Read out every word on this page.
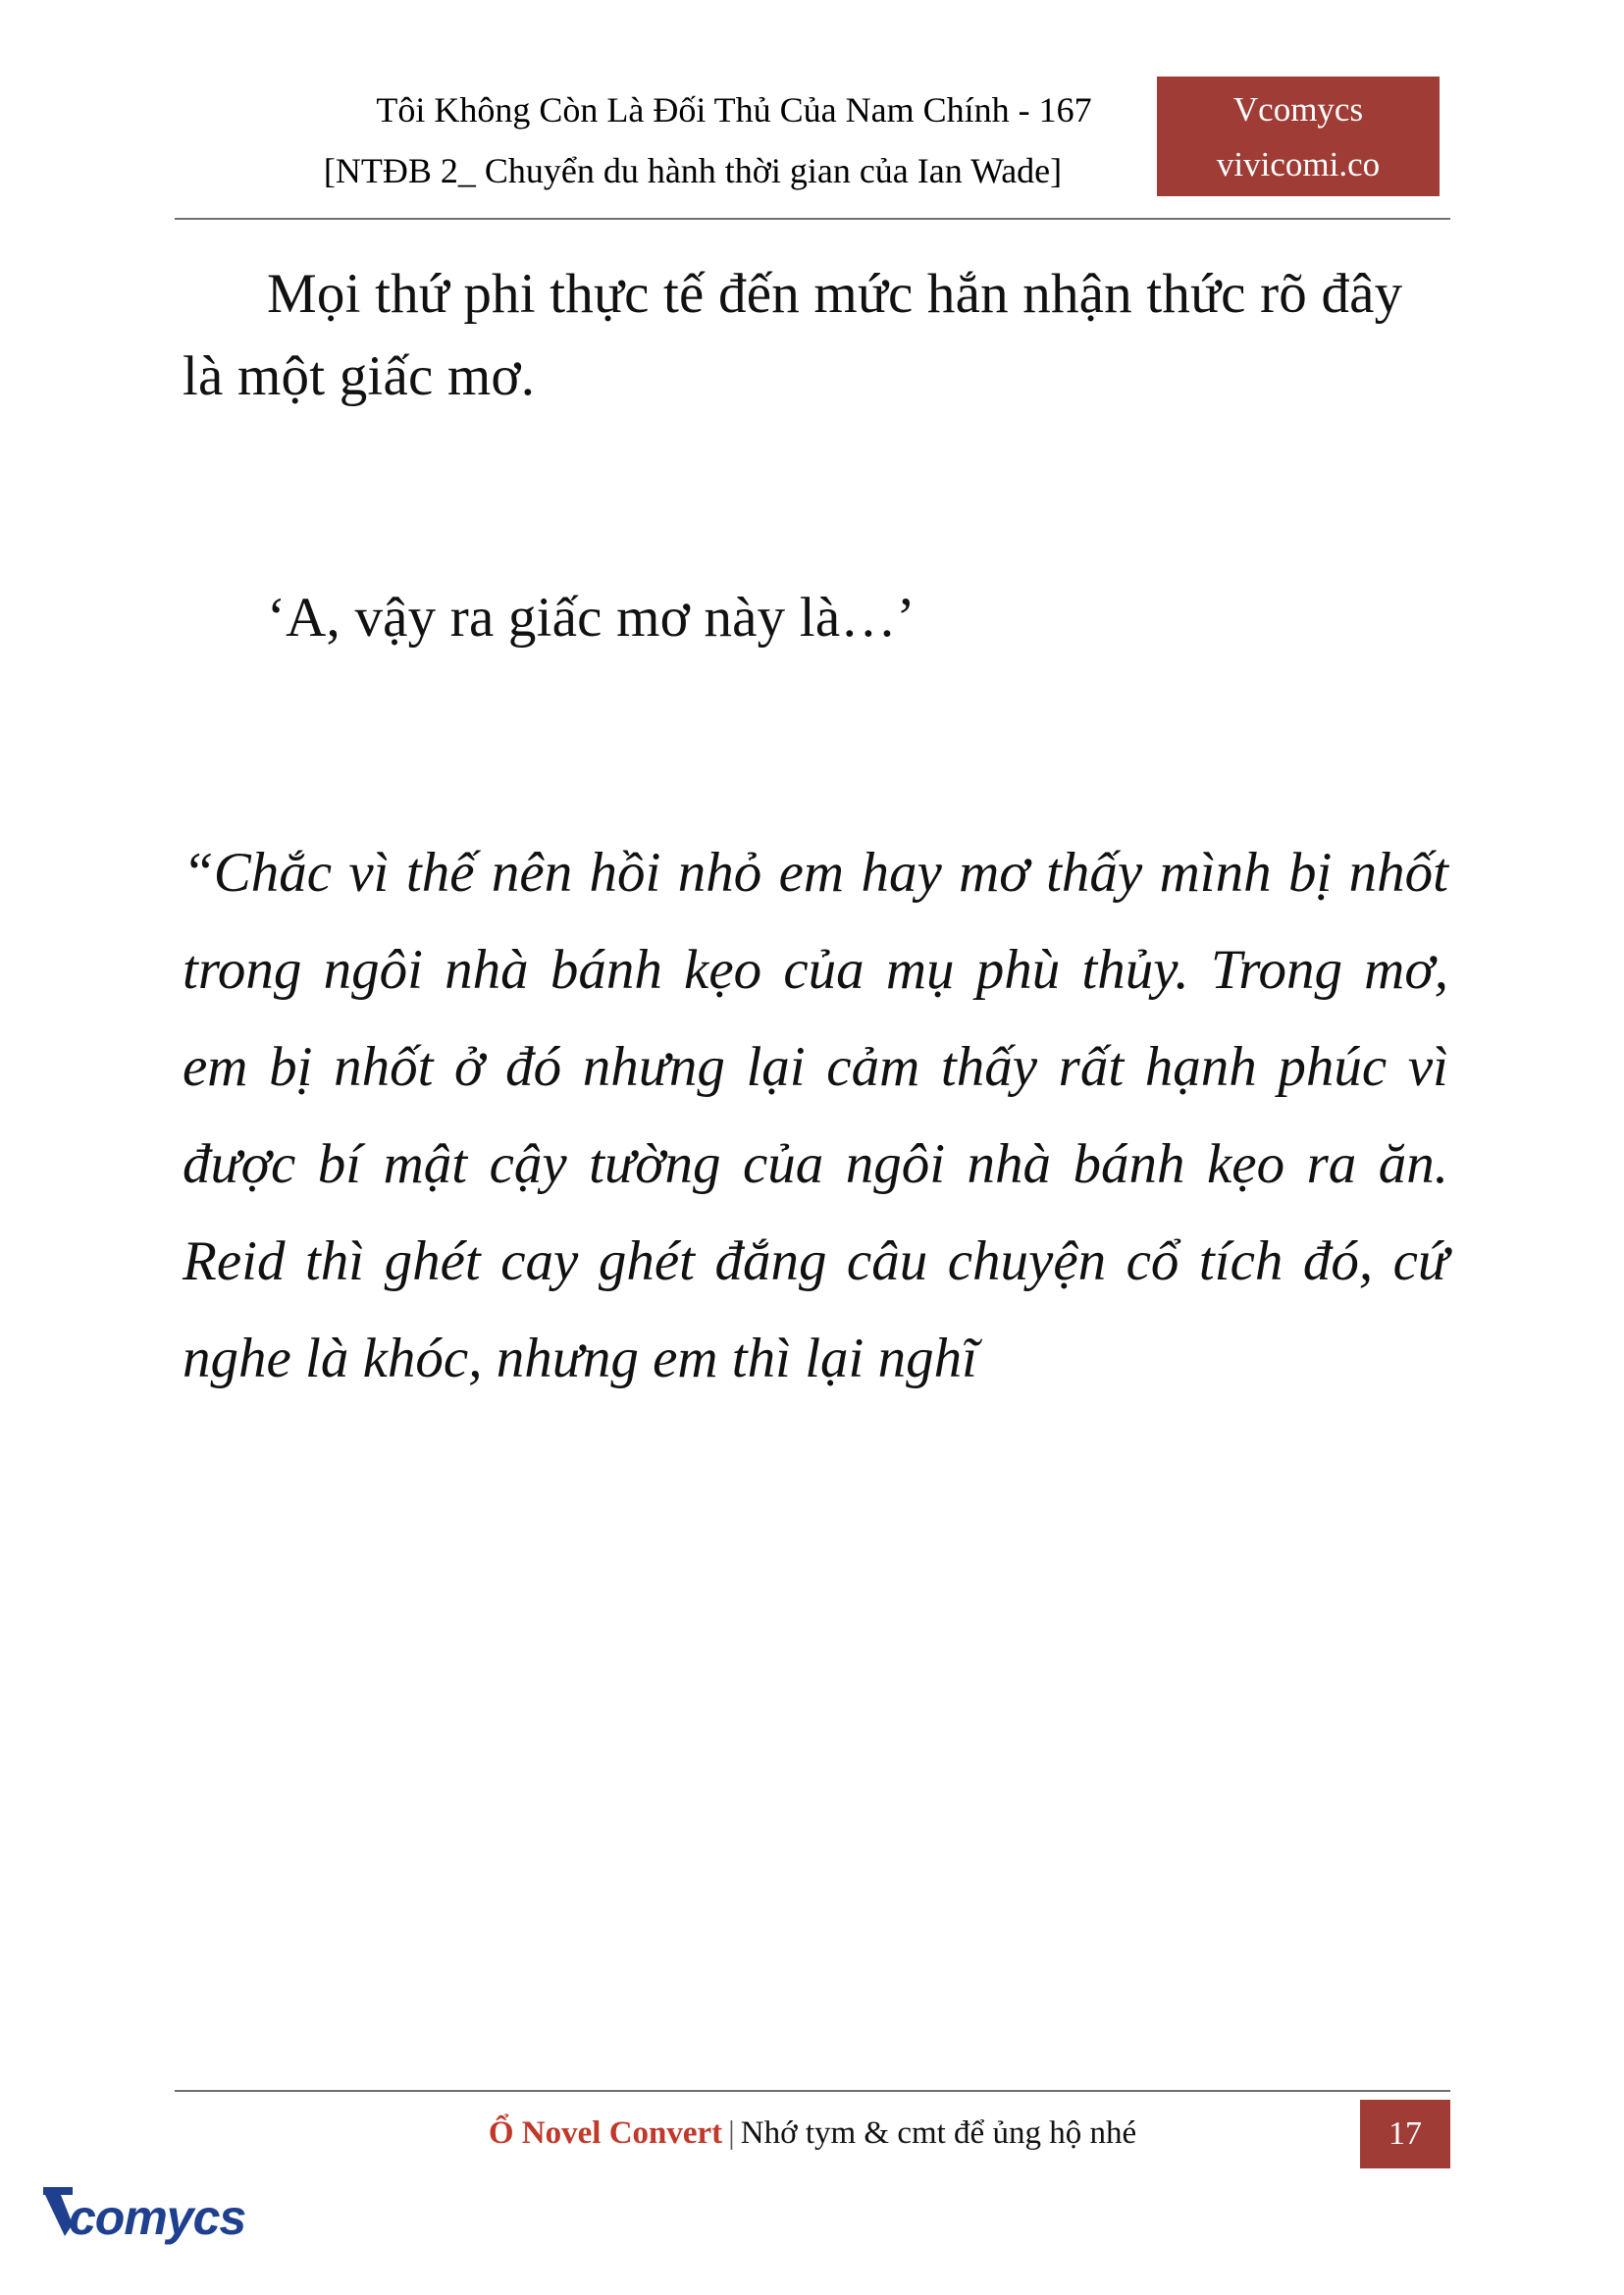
Tôi Không Còn Là Đối Thủ Của Nam Chính - 167
[NTĐB 2_ Chuyển du hành thời gian của Ian Wade]
Vcomycs
vivicomi.co
Mọi thứ phi thực tế đến mức hắn nhận thức rõ đây là một giấc mơ.
‘A, vậy ra giấc mơ này là…’
“Chắc vì thế nên hồi nhỏ em hay mơ thấy mình bị nhốt trong ngôi nhà bánh kẹo của mụ phù thủy. Trong mơ, em bị nhốt ở đó nhưng lại cảm thấy rất hạnh phúc vì được bí mật cậy tường của ngôi nhà bánh kẹo ra ăn. Reid thì ghét cay ghét đắng câu chuyện cổ tích đó, cứ nghe là khóc, nhưng em thì lại nghĩ
Ổ Novel Convert | Nhớ tym & cmt để ủng hộ nhé	17
comycs
